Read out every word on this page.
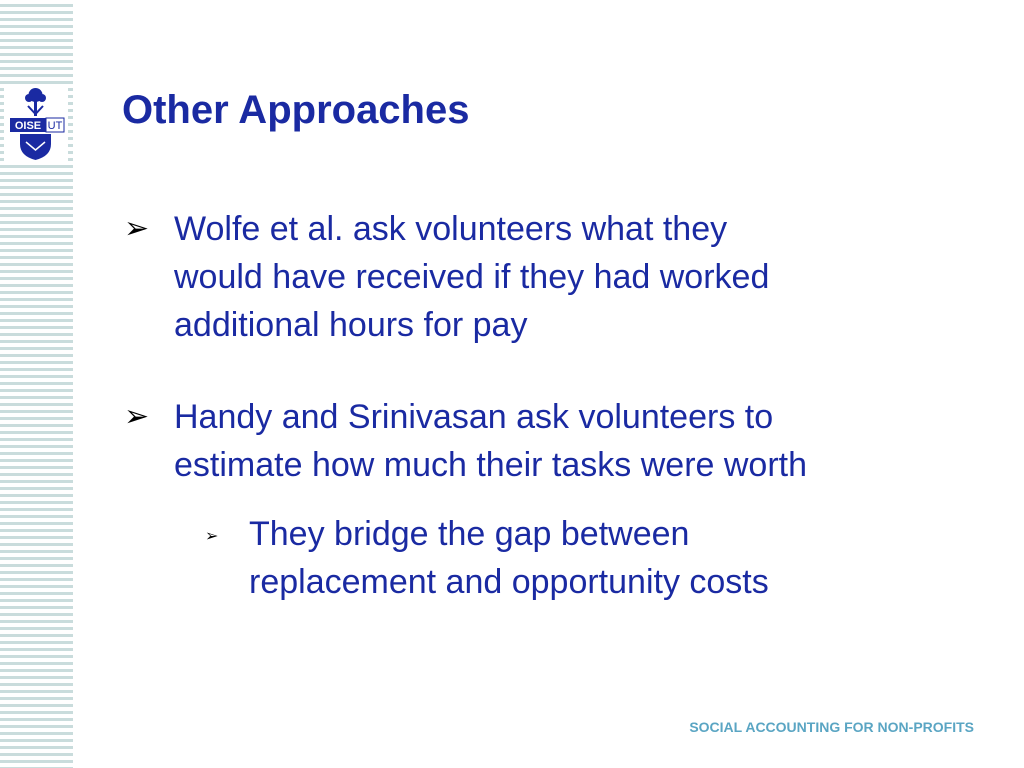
OISE UT Other Approaches
➢ Wolfe et al. ask volunteers what they
would have received if they had worked
additional hours for pay
➢ Handy and Srinivasan ask volunteers to
estimate how much their tasks were worth
➢ They bridge the gap between
replacement and opportunity costs
SOCIAL ACCOUNTING FOR NON-PROFITS
